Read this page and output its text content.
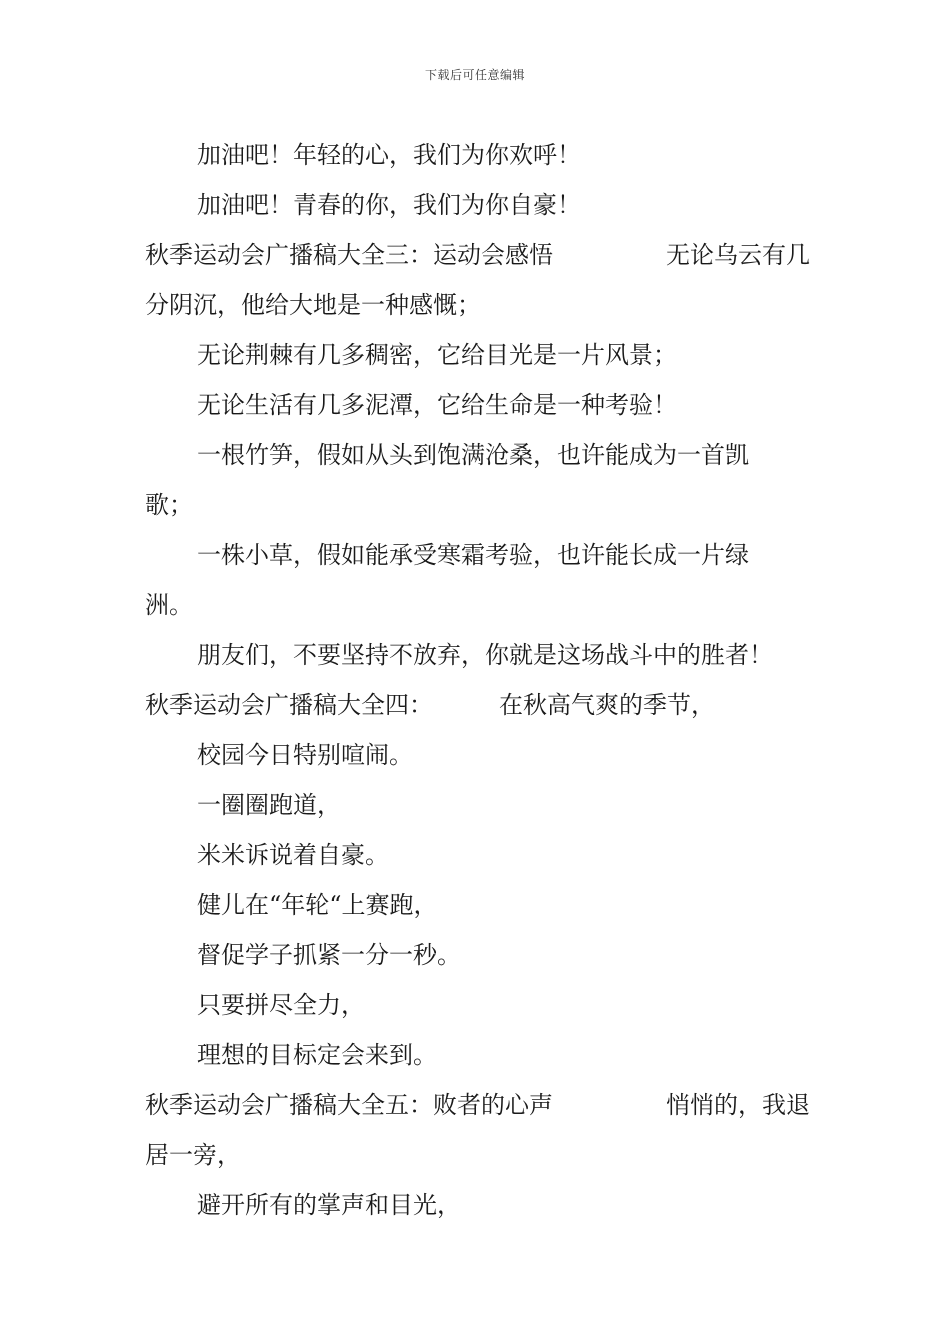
下载后可任意编辑
加油吧！年轻的心，我们为你欢呼！
加油吧！青春的你，我们为你自豪！
秋季运动会广播稿大全三：运动会感悟	无论乌云有几
分阴沉，他给大地是一种感慨；
无论荆棘有几多稠密，它给目光是一片风景；
无论生活有几多泥潭，它给生命是一种考验！
一根竹笋，假如从头到饱满沧桑，也许能成为一首凯
歌；
一株小草，假如能承受寒霜考验，也许能长成一片绿
洲。
朋友们，不要坚持不放弃，你就是这场战斗中的胜者！
秋季运动会广播稿大全四：	在秋高气爽的季节，
校园今日特别喧闹。
一圈圈跑道，
米米诉说着自豪。
健儿在“年轮“上赛跑，
督促学子抓紧一分一秒。
只要拼尽全力，
理想的目标定会来到。
秋季运动会广播稿大全五：败者的心声	悄悄的，我退
居一旁，
避开所有的掌声和目光，
